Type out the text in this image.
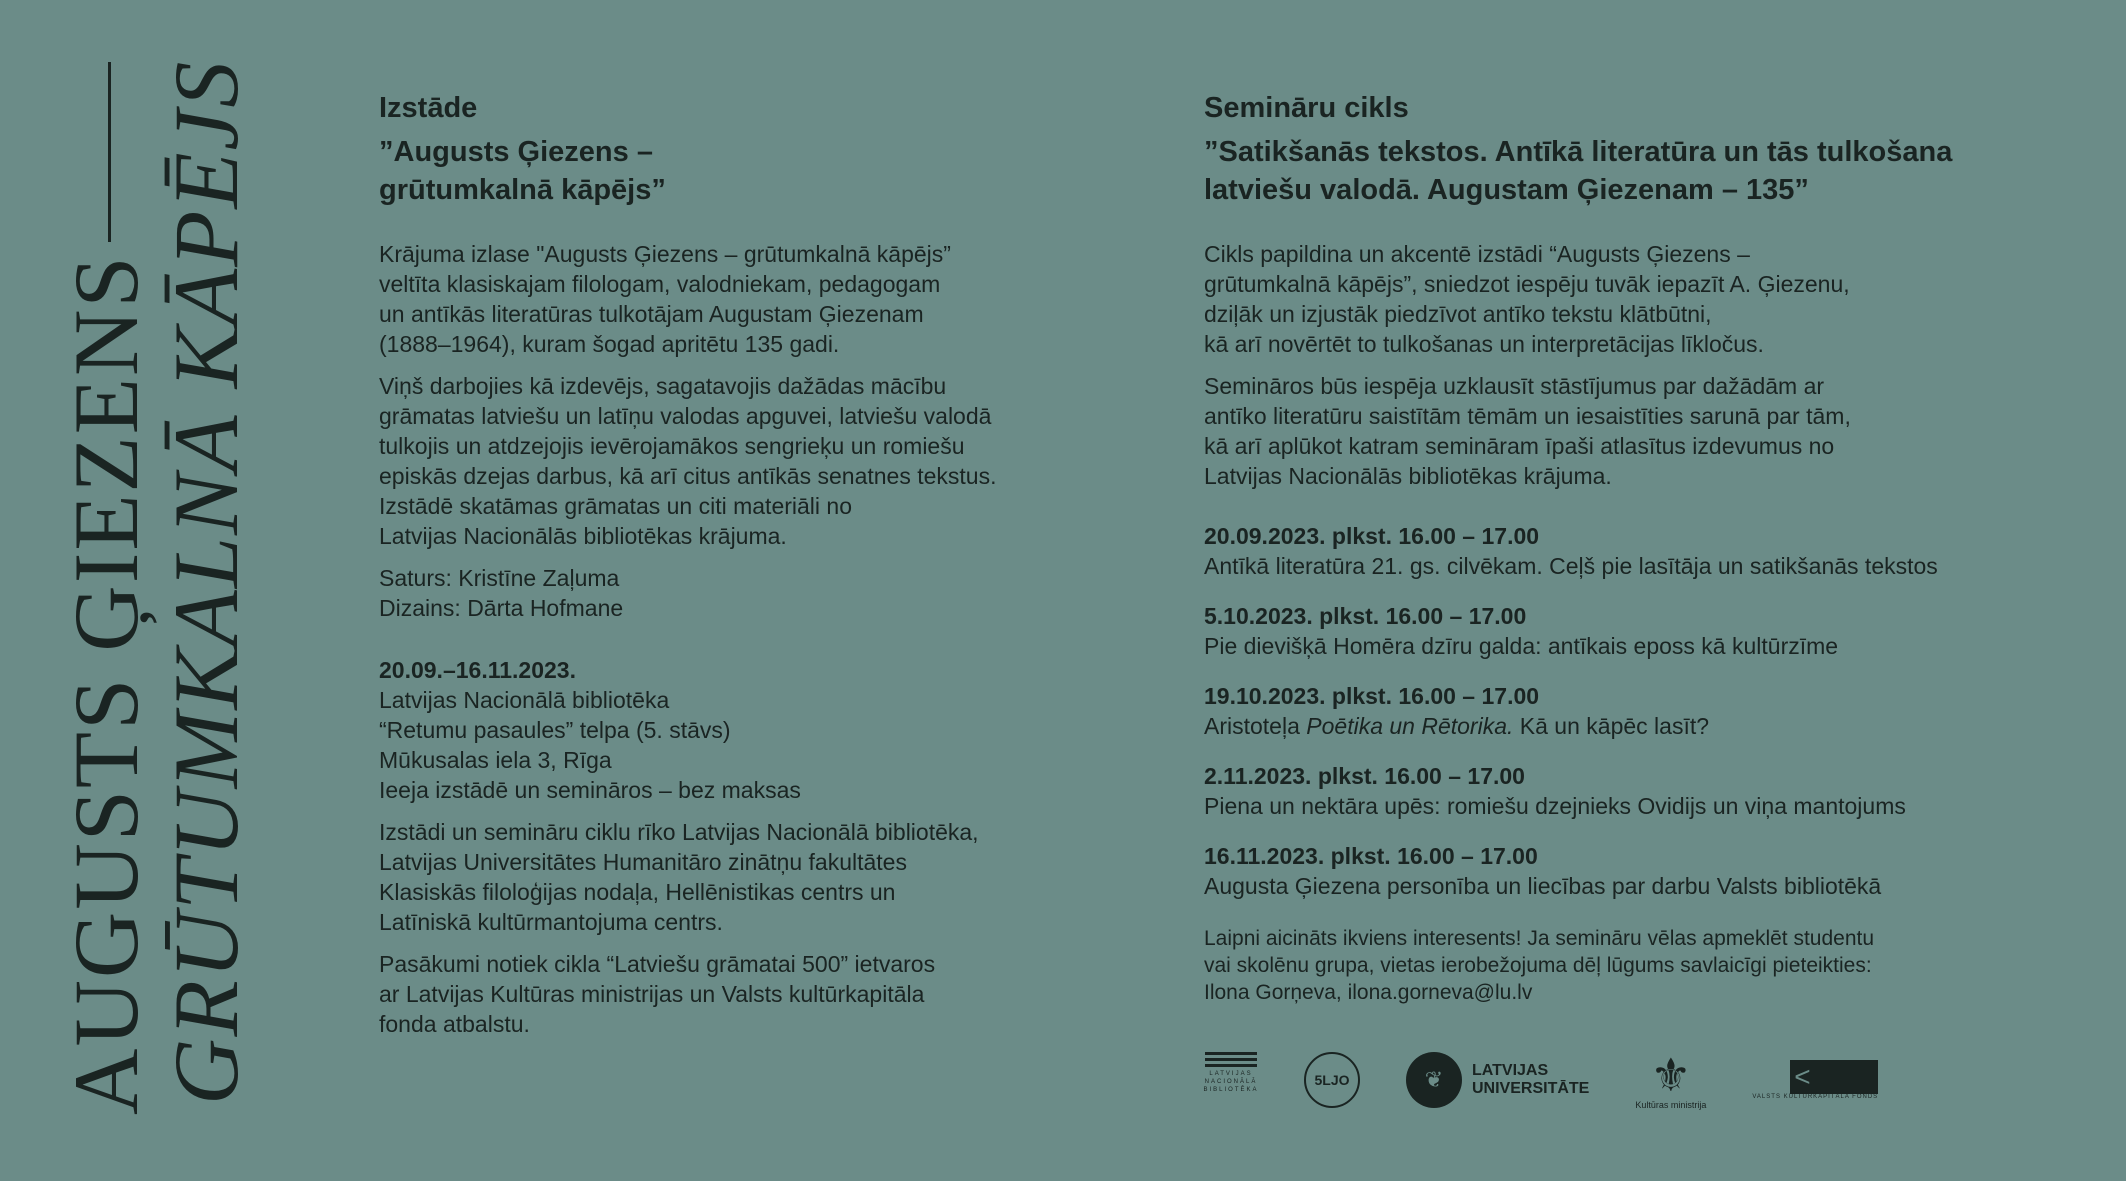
AUGUSTS ĢIEZENS
GRŪTUMKALNĀ KĀPĒJS	Izstāde
”Augusts Ģiezens –
grūtumkalnā kāpējs”

Krājuma izlase "Augusts Ģiezens – grūtumkalnā kāpējs”
veltīta klasiskajam filologam, valodniekam, pedagogam
un antīkās literatūras tulkotājam Augustam Ģiezenam
(1888–1964), kuram šogad apritētu 135 gadi.

Viņš darbojies kā izdevējs, sagatavojis dažādas mācību
grāmatas latviešu un latīņu valodas apguvei, latviešu valodā
tulkojis un atdzejojis ievērojamākos sengrieķu un romiešu
episkās dzejas darbus, kā arī citus antīkās senatnes tekstus.
Izstādē skatāmas grāmatas un citi materiāli no
Latvijas Nacionālās bibliotēkas krājuma.

Saturs: Kristīne Zaļuma
Dizains: Dārta Hofmane

20.09.–16.11.2023.
Latvijas Nacionālā bibliotēka
“Retumu pasaules” telpa (5. stāvs)
Mūkusalas iela 3, Rīga
Ieeja izstādē un semināros – bez maksas

Izstādi un semināru ciklu rīko Latvijas Nacionālā bibliotēka,
Latvijas Universitātes Humanitāro zinātņu fakultātes
Klasiskās filoloģijas nodaļa, Hellēnistikas centrs un
Latīniskā kultūrmantojuma centrs.

Pasākumi notiek cikla “Latviešu grāmatai 500” ietvaros
ar Latvijas Kultūras ministrijas un Valsts kultūrkapitāla
fonda atbalstu.

Semināru cikls
”Satikšanās tekstos. Antīkā literatūra un tās tulkošana
latviešu valodā. Augustam Ģiezenam – 135”

Cikls papildina un akcentē izstādi “Augusts Ģiezens –
grūtumkalnā kāpējs”, sniedzot iespēju tuvāk iepazīt A. Ģiezenu,
dziļāk un izjustāk piedzīvot antīko tekstu klātbūtni,
kā arī novērtēt to tulkošanas un interpretācijas līkločus.

Semināros būs iespēja uzklausīt stāstījumus par dažādām ar
antīko literatūru saistītām tēmām un iesaistīties sarunā par tām,
kā arī aplūkot katram semināram īpaši atlasītus izdevumus no
Latvijas Nacionālās bibliotēkas krājuma.

20.09.2023. plkst. 16.00 – 17.00

Antīkā literatūra 21. gs. cilvēkam. Ceļš pie lasītāja un satikšanās tekstos

5.10.2023. plkst. 16.00 – 17.00

Pie dievišķā Homēra dzīru galda: antīkais eposs kā kultūrzīme

19.10.2023. plkst. 16.00 – 17.00

Aristoteļa Poētika un Rētorika. Kā un kāpēc lasīt?

2.11.2023. plkst. 16.00 – 17.00

Piena un nektāra upēs: romiešu dzejnieks Ovidijs un viņa mantojums

16.11.2023. plkst. 16.00 – 17.00

Augusta Ģiezena personība un liecības par darbu Valsts bibliotēkā

Laipni aicināts ikviens interesents! Ja semināru vēlas apmeklēt studentu
vai skolēnu grupa, vietas ierobežojuma dēļ lūgums savlaicīgi pieteikties:
Ilona Gorņeva, ilona.gorneva@lu.lv

LATVIJAS NACIONĀLĀ BIBLIOTĒKA
5LJO	❦	LATVIJAS
UNIVERSITĀTE ⚜
Kultūras ministrija
<
VALSTS KULTŪRKAPITĀLA FONDS
